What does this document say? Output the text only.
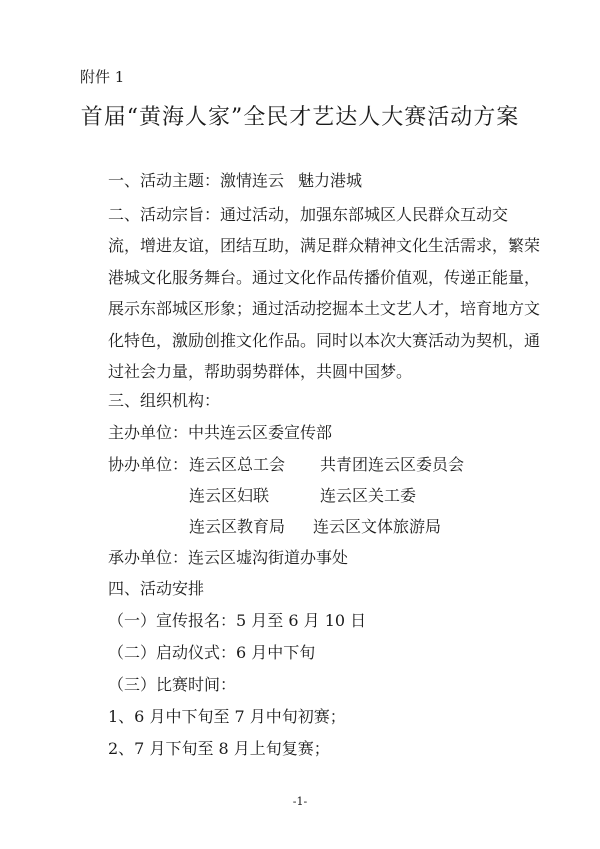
附件 1
首届“黄海人家”全民才艺达人大赛活动方案
一、活动主题：激情连云 魅力港城
二、活动宗旨：通过活动，加强东部城区人民群众互动交流，增进友谊，团结互助，满足群众精神文化生活需求，繁荣港城文化服务舞台。通过文化作品传播价值观，传递正能量，展示东部城区形象；通过活动挖掘本土文艺人才，培育地方文化特色，激励创推文化作品。同时以本次大赛活动为契机，通过社会力量，帮助弱势群体，共圆中国梦。
三、组织机构：
主办单位：中共连云区委宣传部
协办单位： 连云区总工会 共青团连云区委员会
连云区妇联	连云区关工委
连云区教育局 连云区文体旅游局
承办单位：连云区墟沟街道办事处
四、活动安排
（一）宣传报名：5 月至 6 月 10 日
（二）启动仪式：6 月中下旬
（三）比赛时间：
1、6 月中下旬至 7 月中旬初赛；
2、7 月下旬至 8 月上旬复赛；
-1-
